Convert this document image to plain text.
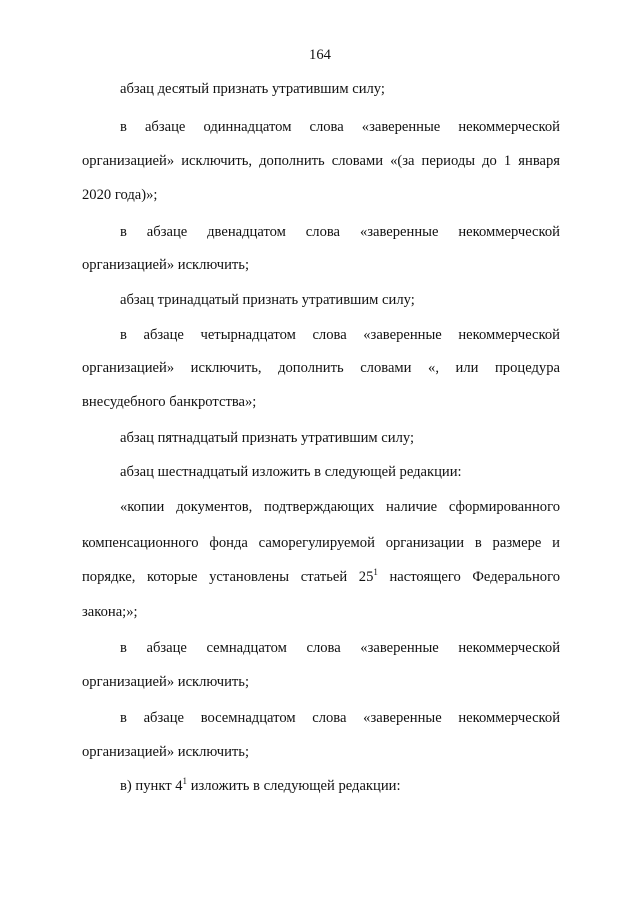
164
абзац десятый признать утратившим силу;
в абзаце одиннадцатом слова «заверенные некоммерческой
организацией» исключить, дополнить словами «(за периоды до 1 января
2020 года)»;
в абзаце двенадцатом слова «заверенные некоммерческой
организацией» исключить;
абзац тринадцатый признать утратившим силу;
в абзаце четырнадцатом слова «заверенные некоммерческой
организацией» исключить, дополнить словами «, или процедура
внесудебного банкротства»;
абзац пятнадцатый признать утратившим силу;
абзац шестнадцатый изложить в следующей редакции:
«копии документов, подтверждающих наличие сформированного
компенсационного фонда саморегулируемой организации в размере и
порядке, которые установлены статьей $25^1$ настоящего Федерального
закона;»;
в абзаце семнадцатом слова «заверенные некоммерческой
организацией» исключить;
в абзаце восемнадцатом слова «заверенные некоммерческой
организацией» исключить;
в) пункт $4^1$ изложить в следующей редакции:
